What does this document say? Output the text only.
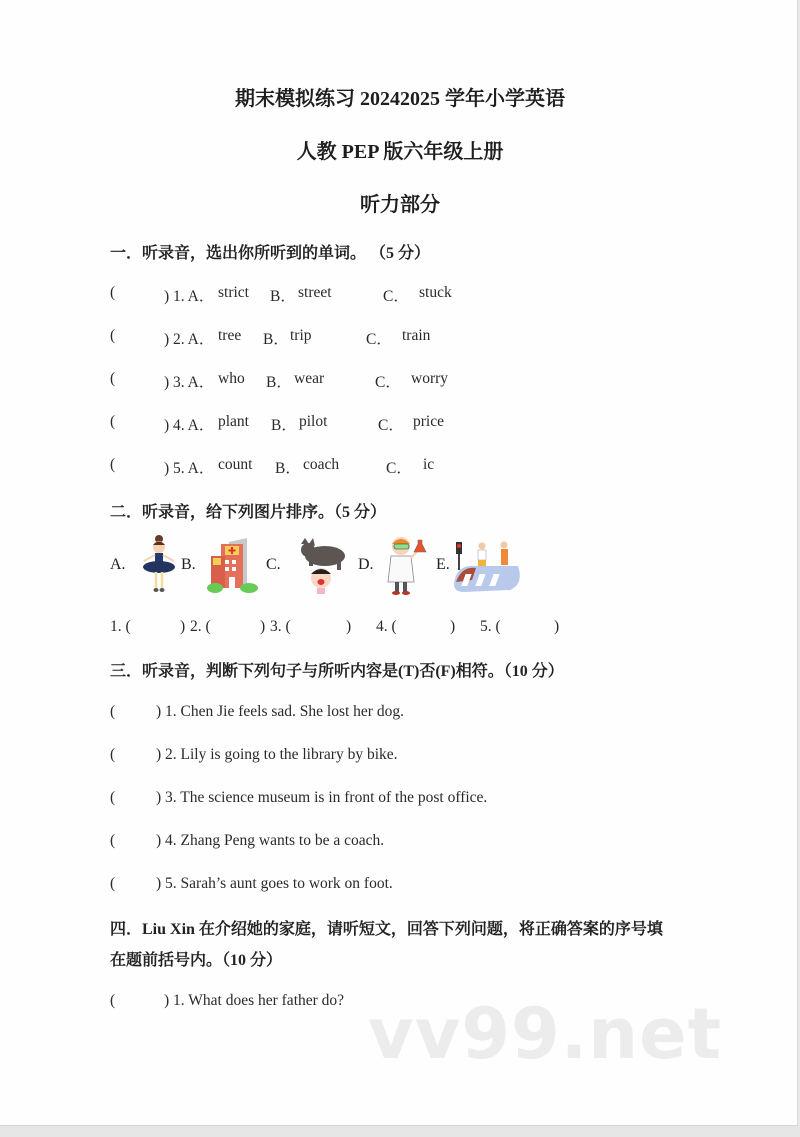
期末模拟练习 20242025 学年小学英语
人教 PEP 版六年级上册
听力部分
一．听录音，选出你所听到的单词。 （5 分）
(	) 1. A． strict B． street	C． stuck
(	) 2. A． tree B． trip	C． train
(	) 3. A． who B． wear	C． worry
(	) 4. A． plant B． pilot	C． price
(	) 5. A． count B． coach	C． ic
二．听录音，给下列图片排序。（5 分）
A.	B.	C.	D.	E.
1. (	) 2. (	) 3. (	) 4. (	) 5. (	)
三．听录音，判断下列句子与所听内容是(T)否(F)相符。（10 分）
(	) 1. Chen Jie feels sad. She lost her dog.
(	) 2. Lily is going to the library by bike.
(	) 3. The science museum is in front of the post office.
(	) 4. Zhang Peng wants to be a coach.
(	) 5. Sarah’s aunt goes to work on foot.
四．Liu Xin 在介绍她的家庭，请听短文，回答下列问题，将正确答案的序号填
在题前括号内。（10 分）
(	) 1. What does her father do? vv99.net
